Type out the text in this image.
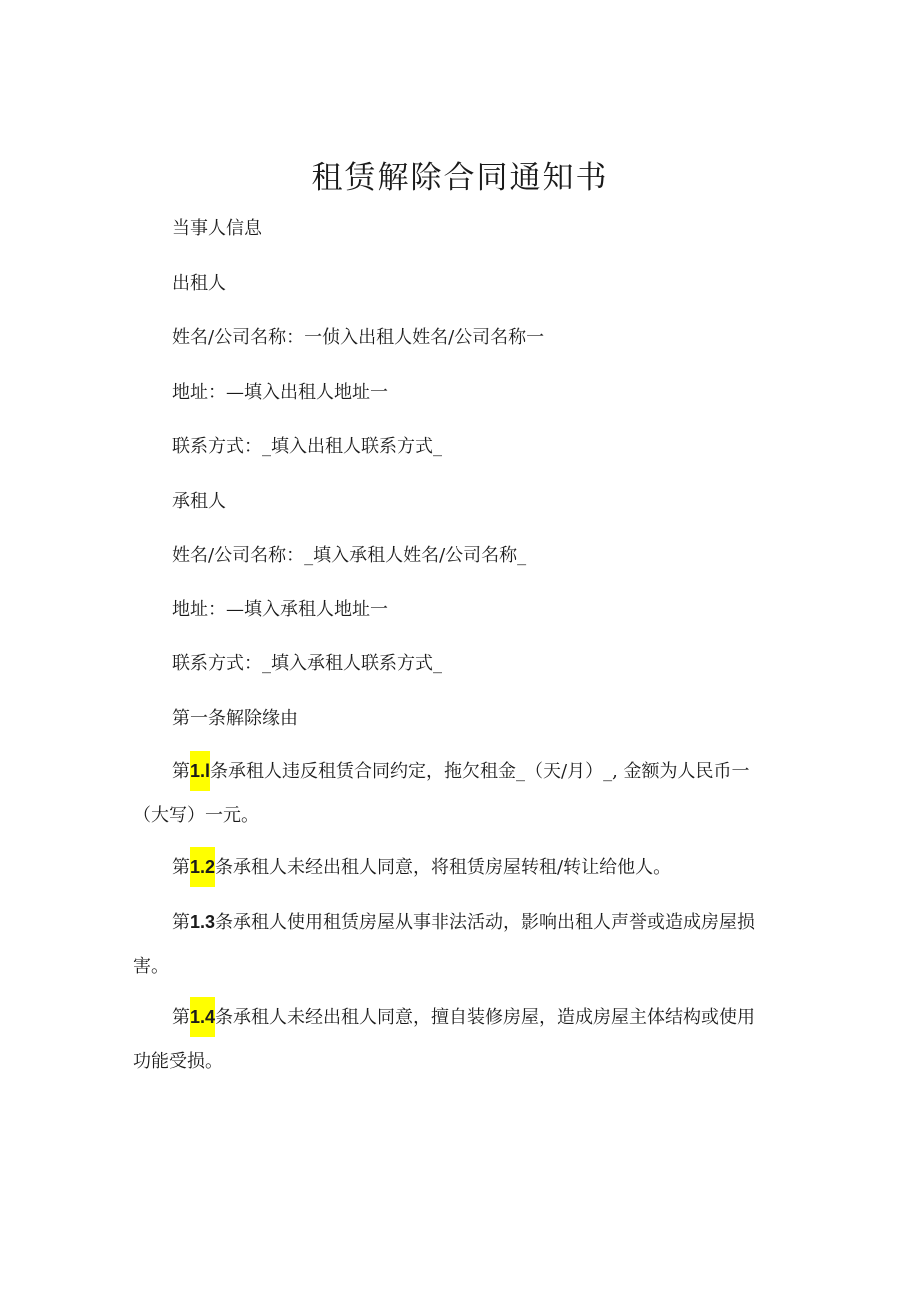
租赁解除合同通知书
当事人信息
出租人
姓名/公司名称：一侦入出租人姓名/公司名称一
地址：—填入出租人地址一
联系方式：_填入出租人联系方式_
承租人
姓名/公司名称：_填入承租人姓名/公司名称_
地址：—填入承租人地址一
联系方式：_填入承租人联系方式_
第一条解除缘由
第1.l条承租人违反租赁合同约定，拖欠租金_（天/月）_, 金额为人民币一
（大写）一元。
第1.2条承租人未经出租人同意，将租赁房屋转租/转让给他人。
第1.3条承租人使用租赁房屋从事非法活动，影响出租人声誉或造成房屋损
害。
第1.4条承租人未经出租人同意，擅自装修房屋，造成房屋主体结构或使用
功能受损。
